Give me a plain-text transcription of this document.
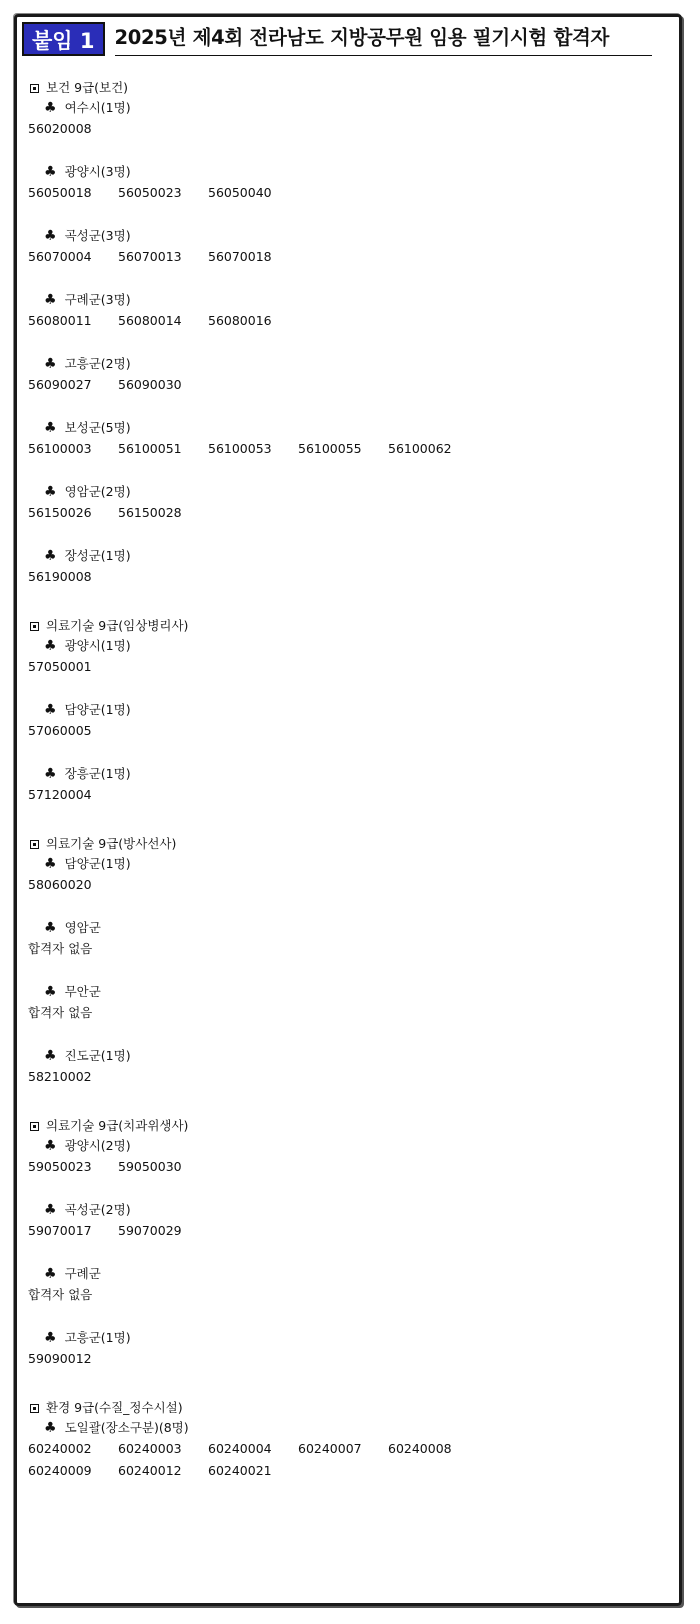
붙임 1	2025년 제4회 전라남도 지방공무원 임용 필기시험 합격자
보건 9급(보건)
♣ 여수시(1명)
56020008
♣ 광양시(3명)
56050018	56050023	56050040
♣ 곡성군(3명)
56070004	56070013	56070018
♣ 구례군(3명)
56080011	56080014	56080016
♣ 고흥군(2명)
56090027	56090030
♣ 보성군(5명)
56100003	56100051	56100053	56100055	56100062
♣ 영암군(2명)
56150026	56150028
♣ 장성군(1명)
56190008
의료기술 9급(임상병리사)
♣ 광양시(1명)
57050001
♣ 담양군(1명)
57060005
♣ 장흥군(1명)
57120004
의료기술 9급(방사선사)
♣ 담양군(1명)
58060020
♣ 영암군
합격자 없음
♣ 무안군
합격자 없음
♣ 진도군(1명)
58210002
의료기술 9급(치과위생사)
♣ 광양시(2명)
59050023	59050030
♣ 곡성군(2명)
59070017	59070029
♣ 구례군
합격자 없음
♣ 고흥군(1명)
59090012
환경 9급(수질_정수시설)
♣ 도일괄(장소구분)(8명)
60240002	60240003	60240004	60240007	60240008
60240009	60240012	60240021
